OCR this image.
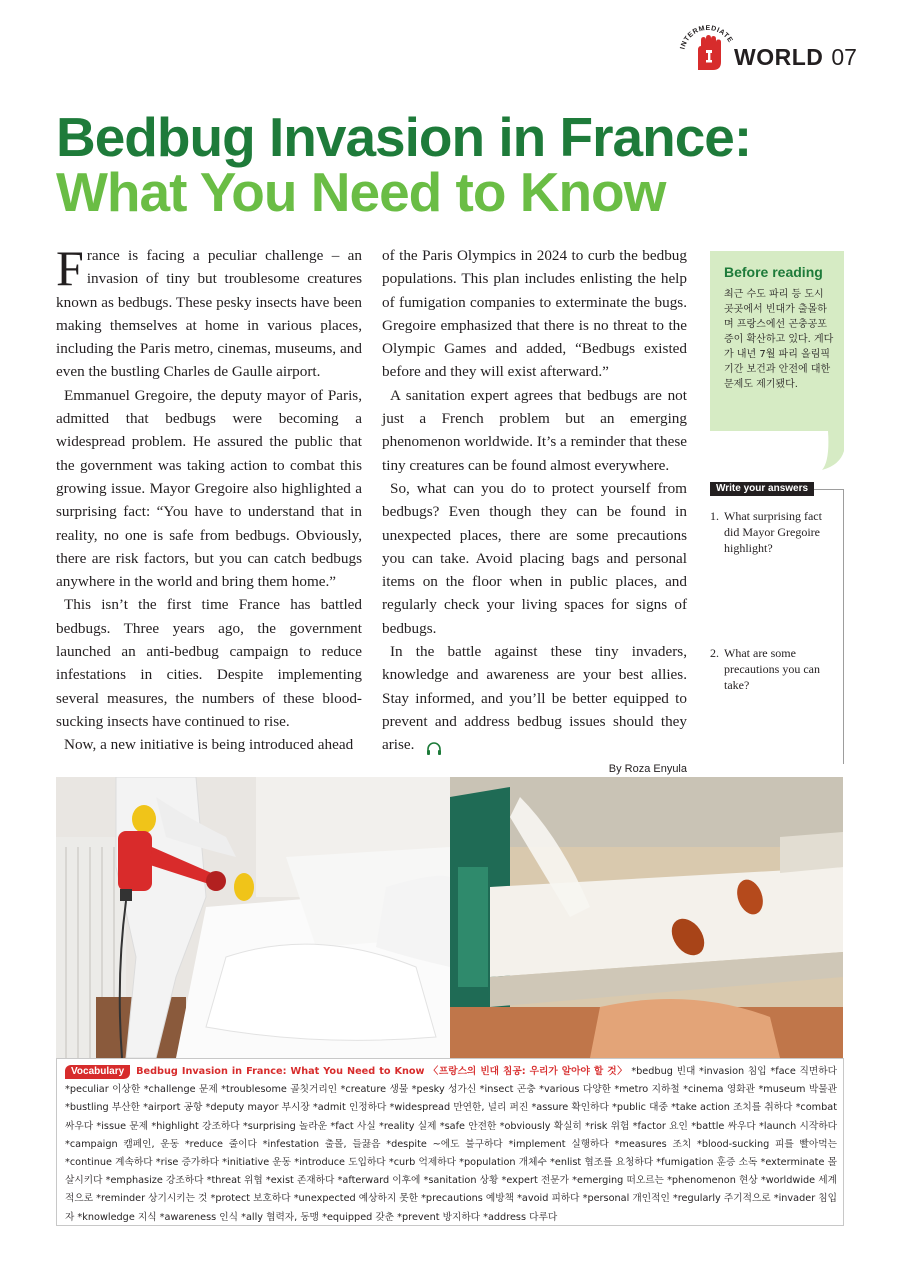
INTERMEDIATE
WORLD 07
Bedbug Invasion in France:
What You Need to Know

France is facing a peculiar challenge – an invasion of tiny but troublesome creatures known as bedbugs. These pesky insects have been making themselves at home in various places, including the Paris metro, cinemas, museums, and even the bustling Charles de Gaulle airport.

Emmanuel Gregoire, the deputy mayor of Paris, admitted that bedbugs were becoming a widespread problem. He assured the public that the government was taking action to combat this growing issue. Mayor Gregoire also highlighted a surprising fact: “You have to understand that in reality, no one is safe from bedbugs. Obviously, there are risk factors, but you can catch bedbugs anywhere in the world and bring them home.”

This isn’t the first time France has battled bedbugs. Three years ago, the government launched an anti-bedbug campaign to reduce infestations in cities. Despite implementing several measures, the numbers of these blood-sucking insects have continued to rise.

Now, a new initiative is being introduced ahead

of the Paris Olympics in 2024 to curb the bedbug populations. This plan includes enlisting the help of fumigation companies to exterminate the bugs. Gregoire emphasized that there is no threat to the Olympic Games and added, “Bedbugs existed before and they will exist afterward.”

A sanitation expert agrees that bedbugs are not just a French problem but an emerging phenomenon worldwide. It’s a reminder that these tiny creatures can be found almost everywhere.

So, what can you do to protect yourself from bedbugs? Even though they can be found in unexpected places, there are some precautions you can take. Avoid placing bags and personal items on the floor when in public places, and regularly check your living spaces for signs of bedbugs.

In the battle against these tiny invaders, knowledge and awareness are your best allies. Stay informed, and you’ll be better equipped to prevent and address bedbug issues should they arise.

By Roza Enyula
Before reading
최근 수도 파리 등 도시 곳곳에서 빈대가 출몰하며 프랑스에선 곤충공포증이 확산하고 있다. 게다가 내년 7월 파리 올림픽 기간 보건과 안전에 대한 문제도 제기됐다.
Write your answers
1. What surprising fact did Mayor Gregoire highlight?
2. What are some precautions you can take?
Vocabulary Bedbug Invasion in France: What You Need to Know 〈프랑스의 빈대 침공: 우리가 알아야 할 것〉 *bedbug 빈대 *invasion 침입 *face 직면하다 *peculiar 이상한 *challenge 문제 *troublesome 골칫거리인 *creature 생물 *pesky 성가신 *insect 곤충 *various 다양한 *metro 지하철 *cinema 영화관 *museum 박물관 *bustling 부산한 *airport 공항 *deputy mayor 부시장 *admit 인정하다 *widespread 만연한, 널리 퍼진 *assure 확인하다 *public 대중 *take action 조치를 취하다 *combat 싸우다 *issue 문제 *highlight 강조하다 *surprising 놀라운 *fact 사실 *reality 실제 *safe 안전한 *obviously 확실히 *risk 위험 *factor 요인 *battle 싸우다 *launch 시작하다 *campaign 캠페인, 운동 *reduce 줄이다 *infestation 출몰, 들끓음 *despite ~에도 불구하다 *implement 실행하다 *measures 조치 *blood-sucking 피를 빨아먹는 *continue 계속하다 *rise 증가하다 *initiative 운동 *introduce 도입하다 *curb 억제하다 *population 개체수 *enlist 협조를 요청하다 *fumigation 훈증 소독 *exterminate 몰살시키다 *emphasize 강조하다 *threat 위협 *exist 존재하다 *afterward 이후에 *sanitation 상황 *expert 전문가 *emerging 떠오르는 *phenomenon 현상 *worldwide 세계적으로 *reminder 상기시키는 것 *protect 보호하다 *unexpected 예상하지 못한 *precautions 예방책 *avoid 피하다 *personal 개인적인 *regularly 주기적으로 *invader 침입자 *knowledge 지식 *awareness 인식 *ally 협력자, 동맹 *equipped 갖춘 *prevent 방지하다 *address 다루다
